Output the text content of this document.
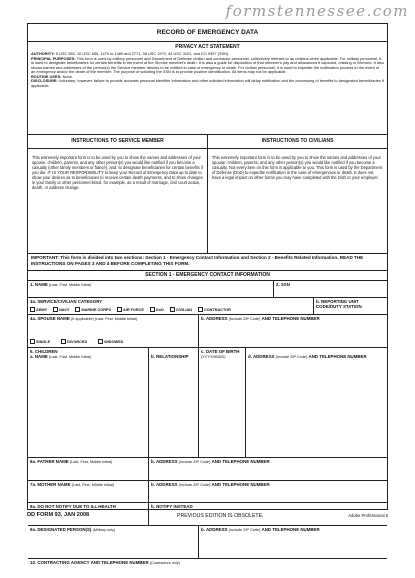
formstennessee.com
RECORD OF EMERGENCY DATA
PRIVACY ACT STATEMENT

AUTHORITY: 5 USC 552, 10 USC 655, 1475 to 1480 and 2771, 38 USC 1970, 44 USC 3101, and EO 9397 (SSN).

PRINCIPAL PURPOSES: This form is used by military personnel and Department of Defense civilian and contractor personnel, collectively referred to as civilians when applicable. For military personnel, it is used to designate beneficiaries for certain benefits in the event of the Service member's death. It is also a guide for disposition of that member's pay and allowances if captured, missing or interned. It also shows names and addresses of the person(s) the Service member desires to be notified in case of emergency or death. For civilian personnel, it is used to expedite the notification process in the event of an emergency and/or the death of the member. The purpose of soliciting the SSN is to provide positive identification. All items may not be applicable.

ROUTINE USES: None.

DISCLOSURE: Voluntary; however, failure to provide accurate personal identifier information and other solicited information will delay notification and the processing of benefits to designated beneficiaries if applicable.

INSTRUCTIONS TO SERVICE MEMBER

This extremely important form is to be used by you to show the names and addresses of your spouse, children, parents, and any other person(s) you would like notified if you become a casualty (other family members or fiancé), and, to designate beneficiaries for certain benefits if you die. IT IS YOUR RESPONSIBILITY to keep your Record of Emergency Data up to date to show your desires as to beneficiaries to receive certain death payments, and to show changes in your family or other personnel listed, for example, as a result of marriage, civil court action, death, or address change.

INSTRUCTIONS TO CIVILIANS

This extremely important form is to be used by you to show the names and addresses of your spouse, children, parents, and any other person(s) you would like notified if you become a casualty. Not every item on this form is applicable to you. This form is used by the Department of Defense (DoD) to expedite notification in the case of emergencies or death. It does not have a legal impact on other forms you may have completed with the DoD or your employer.

IMPORTANT: This form is divided into two sections: Section 1 - Emergency Contact Information and Section 2 - Benefits Related Information. READ THE INSTRUCTIONS ON PAGES 3 AND 4 BEFORE COMPLETING THIS FORM.
SECTION 1 - EMERGENCY CONTACT INFORMATION
1. NAME (Last, First, Middle Initial)	2. SSN
3a. SERVICE/CIVILIAN CATEGORY
ARMY	NAVY	MARINE CORPS	AIR FORCE	DoD	CIVILIAN	CONTRACTOR
b. REPORTING UNIT CODE/DUTY STATION
4a. SPOUSE NAME (If applicable) (Last, First, Middle Initial)
SINGLE	DIVORCED	WIDOWED
b. ADDRESS (Include ZIP Code) AND TELEPHONE NUMBER
5. CHILDREN
a. NAME (Last, First, Middle Initial)	b. RELATIONSHIP
c. DATE OF BIRTH
(YYYYMMDD)	d. ADDRESS (Include ZIP Code) AND TELEPHONE NUMBER
6a. FATHER NAME (Last, First, Middle Initial)	b. ADDRESS (Include ZIP Code) AND TELEPHONE NUMBER
7a. MOTHER NAME (Last, First, Middle Initial)	b. ADDRESS (Include ZIP Code) AND TELEPHONE NUMBER
8a. DO NOT NOTIFY DUE TO ILL HEALTH	b. NOTIFY INSTEAD
9a. DESIGNATED PERSON(S) (Military only)	b. ADDRESS (Include ZIP Code) AND TELEPHONE NUMBER
10. CONTRACTING AGENCY AND TELEPHONE NUMBER (Contractors only)
DD FORM 93, JAN 2008	PREVIOUS EDITION IS OBSOLETE.	Adobe Professional 8
